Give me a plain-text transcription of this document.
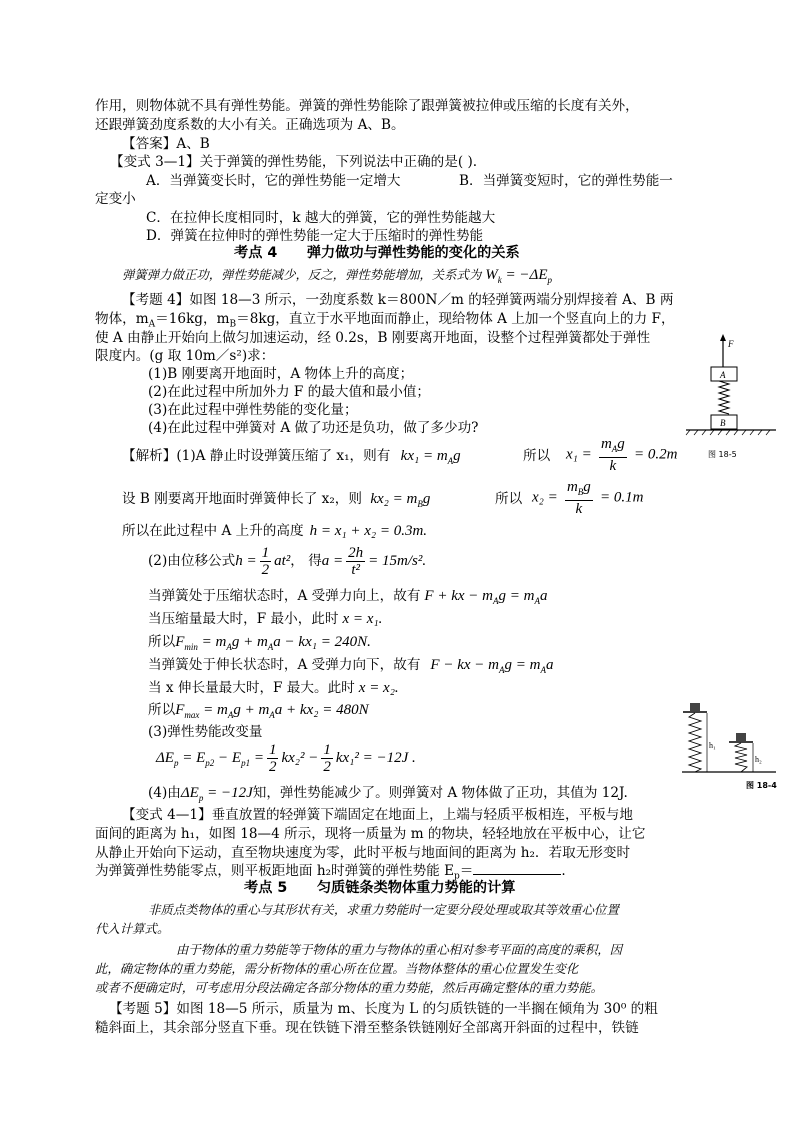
作用，则物体就不具有弹性势能。弹簧的弹性势能除了跟弹簧被拉伸或压缩的长度有关外，
还跟弹簧劲度系数的大小有关。正确选项为 A、B。
【答案】A、B
【变式 3—1】关于弹簧的弹性势能，下列说法中正确的是( ).
A．当弹簧变长时，它的弹性势能一定增大	B．当弹簧变短时，它的弹性势能一
定变小
C．在拉伸长度相同时，k 越大的弹簧，它的弹性势能越大
D．弹簧在拉伸时的弹性势能一定大于压缩时的弹性势能
考点 4      弹力做功与弹性势能的变化的关系
弹簧弹力做正功，弹性势能减少，反之，弹性势能增加，关系式为 $W_k = -\Delta E_p$
【考题 4】如图 18—3 所示，一劲度系数 k＝800N／m 的轻弹簧两端分别焊接着 A、B 两
物体，$m_A=16kg$，$m_B=8kg$，直立于水平地面而静止，现给物体 A 上加一个竖直向上的力 F，
使 A 由静止开始向上做匀加速运动，经 0.2s，B 刚要离开地面，设整个过程弹簧都处于弹性
限度内。(g 取 10m／s²)求：
(1)B 刚要离开地面时，A 物体上升的高度；
(2)在此过程中所加外力 F 的最大值和最小值；
(3)在此过程中弹性势能的变化量；
(4)在此过程中弹簧对 A 做了功还是负功，做了多少功?
【解析】(1)A 静止时设弹簧压缩了 x₁，则有 $kx_1 = m_Ag$	所以 $x_1 = \frac{m_Ag}{k} = 0.2m$
设 B 刚要离开地面时弹簧伸长了 x₂，则 $kx_2 = m_Bg$	所以 $x_2 = \frac{m_Bg}{k} = 0.1m$
所以在此过程中 A 上升的高度 h = x₁ + x₂ = 0.3m.
(2)由位移公式$h = \frac{1}{2} at^2$， 得$a = \frac{2h}{\text{t²}} = 15m/s^2$.
当弹簧处于压缩状态时，A 受弹力向上，故有 F + kx − $m_Ag = m_Aa$
当压缩量最大时，F 最小，此时 x = x₁.
所以$F_{min} = m_Ag + m_Aa - kx_1 = 240N$.
当弹簧处于伸长状态时，A 受弹力向下，故有 F − kx − $m_Ag = m_Aa$
当 x 伸长量最大时，F 最大。此时 x = x₂.
所以$F_{max} = m_Ag + m_Aa + kx_2 = 480N$
(3)弹性势能改变量
$\Delta E_p = E_{p2} - E_{p1} = \frac{1}{2} kx_2^2 - \frac{1}{2} kx_1^2 = -12J$ .
(4)由$\Delta E_p = -12J$知，弹性势能减少了。则弹簧对 A 物体做了正功，其值为 12J.
【变式 4—1】垂直放置的轻弹簧下端固定在地面上，上端与轻质平板相连，平板与地
面间的距离为 h₁，如图 18—4 所示，现将一质量为 m 的物块，轻轻地放在平板中心，让它
从静止开始向下运动，直至物块速度为零，此时平板与地面间的距离为 h₂．若取无形变时
为弹簧弹性势能零点，则平板距地面 h₂时弹簧的弹性势能 $E_p=$	.
考点 5      匀质链条类物体重力势能的计算
非质点类物体的重心与其形状有关，求重力势能时一定要分段处理或取其等效重心位置
代入计算式。
由于物体的重力势能等于物体的重力与物体的重心相对参考平面的高度的乘积，因
此，确定物体的重力势能，需分析物体的重心所在位置。当物体整体的重心位置发生变化
或者不便确定时，可考虑用分段法确定各部分物体的重力势能，然后再确定整体的重力势能。
【考题 5】如图 18—5 所示，质量为 m、长度为 L 的匀质铁链的一半搁在倾角为 30⁰ 的粗
糙斜面上，其余部分竖直下垂。现在铁链下滑至整条铁链刚好全部离开斜面的过程中，铁链
F
A
B
图 18-5
h₁
h₂
图 18-4
